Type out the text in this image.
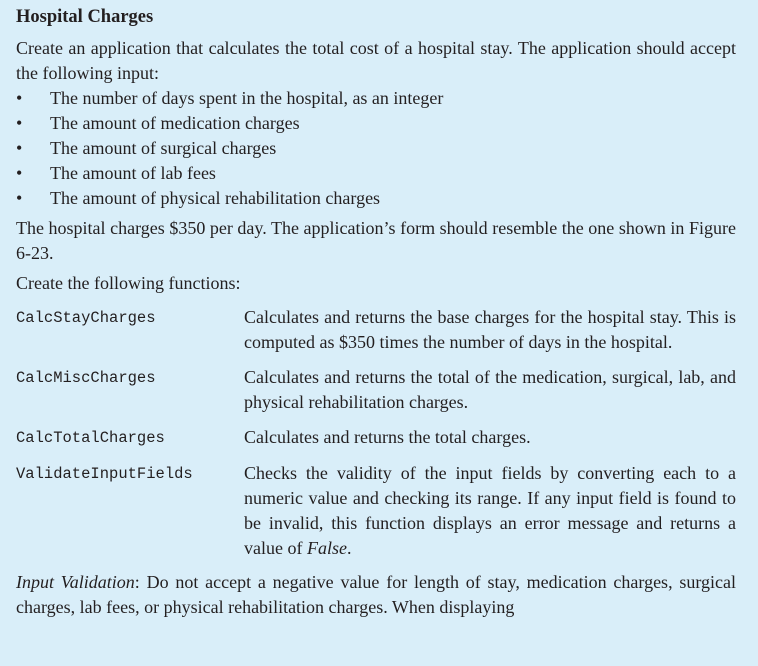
Hospital Charges

Create an application that calculates the total cost of a hospital stay. The application should accept the following input:

• The number of days spent in the hospital, as an integer
• The amount of medication charges
• The amount of surgical charges
• The amount of lab fees
• The amount of physical rehabilitation charges

The hospital charges $350 per day. The application’s form should resemble the one shown in Figure 6-23.

Create the following functions:

CalcStayCharges	Calculates and returns the base charges for the hospital stay. This is computed as $350 times the number of days in the hospital.

CalcMiscCharges	Calculates and returns the total of the medication, surgical, lab, and physical rehabilitation charges.

CalcTotalCharges	Calculates and returns the total charges.

ValidateInputFields	Checks the validity of the input fields by converting each to a numeric value and checking its range. If any input field is found to be invalid, this function displays an error message and returns a value of False.

Input Validation: Do not accept a negative value for length of stay, medication charges, surgical charges, lab fees, or physical rehabilitation charges. When displaying
